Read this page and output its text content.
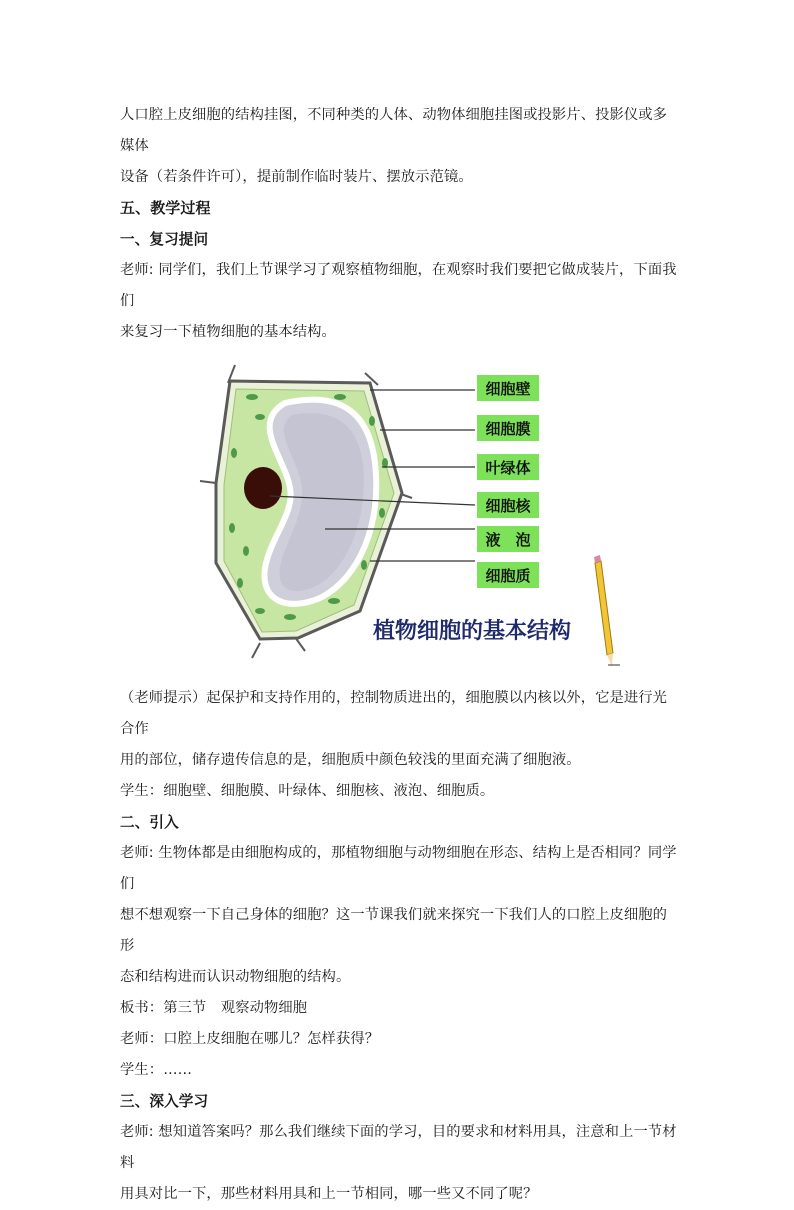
人口腔上皮细胞的结构挂图，不同种类的人体、动物体细胞挂图或投影片、投影仪或多媒体

设备（若条件许可），提前制作临时装片、摆放示范镜。

五、教学过程

一、复习提问

老师: 同学们，我们上节课学习了观察植物细胞，在观察时我们要把它做成装片，下面我们

来复习一下植物细胞的基本结构。

细胞壁
细胞膜
叶绿体
细胞核
液　泡
细胞质
植物细胞的基本结构

（老师提示）起保护和支持作用的，控制物质进出的，细胞膜以内核以外，它是进行光合作

用的部位，储存遗传信息的是，细胞质中颜色较浅的里面充满了细胞液。

学生：细胞壁、细胞膜、叶绿体、细胞核、液泡、细胞质。

二、引入

老师: 生物体都是由细胞构成的，那植物细胞与动物细胞在形态、结构上是否相同？同学们

想不想观察一下自己身体的细胞？这一节课我们就来探究一下我们人的口腔上皮细胞的形

态和结构进而认识动物细胞的结构。

板书：第三节　观察动物细胞

老师：口腔上皮细胞在哪儿？怎样获得？

学生：……

三、深入学习

老师: 想知道答案吗？那么我们继续下面的学习，目的要求和材料用具，注意和上一节材料

用具对比一下，那些材料用具和上一节相同，哪一些又不同了呢？
